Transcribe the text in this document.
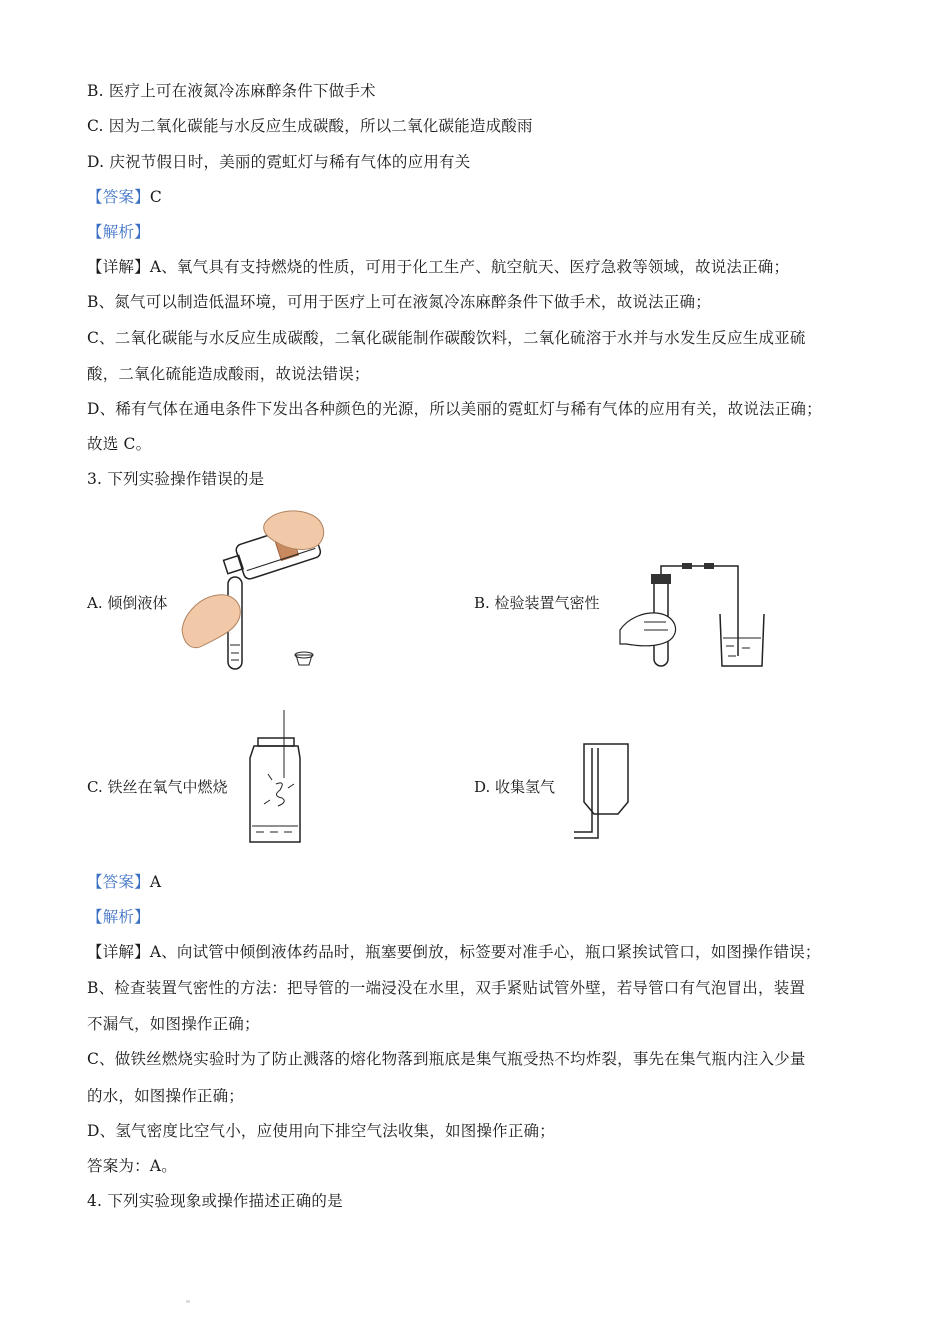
B. 医疗上可在液氮冷冻麻醉条件下做手术
C. 因为二氧化碳能与水反应生成碳酸，所以二氧化碳能造成酸雨
D. 庆祝节假日时，美丽的霓虹灯与稀有气体的应用有关
【答案】C
【解析】
【详解】A、氧气具有支持燃烧的性质，可用于化工生产、航空航天、医疗急救等领域，故说法正确；
B、氮气可以制造低温环境，可用于医疗上可在液氮冷冻麻醉条件下做手术，故说法正确；
C、二氧化碳能与水反应生成碳酸，二氧化碳能制作碳酸饮料，二氧化硫溶于水并与水发生反应生成亚硫
酸，二氧化硫能造成酸雨，故说法错误；
D、稀有气体在通电条件下发出各种颜色的光源，所以美丽的霓虹灯与稀有气体的应用有关，故说法正确；
故选 C。
3. 下列实验操作错误的是
A. 倾倒液体	B. 检验装置气密性
C. 铁丝在氧气中燃烧	D. 收集氢气
【答案】A
【解析】
【详解】A、向试管中倾倒液体药品时，瓶塞要倒放，标签要对准手心，瓶口紧挨试管口，如图操作错误；
B、检查装置气密性的方法：把导管的一端浸没在水里，双手紧贴试管外壁，若导管口有气泡冒出，装置
不漏气，如图操作正确；
C、做铁丝燃烧实验时为了防止溅落的熔化物落到瓶底是集气瓶受热不均炸裂，事先在集气瓶内注入少量
的水，如图操作正确；
D、氢气密度比空气小，应使用向下排空气法收集，如图操作正确；
答案为：A。
4. 下列实验现象或操作描述正确的是
